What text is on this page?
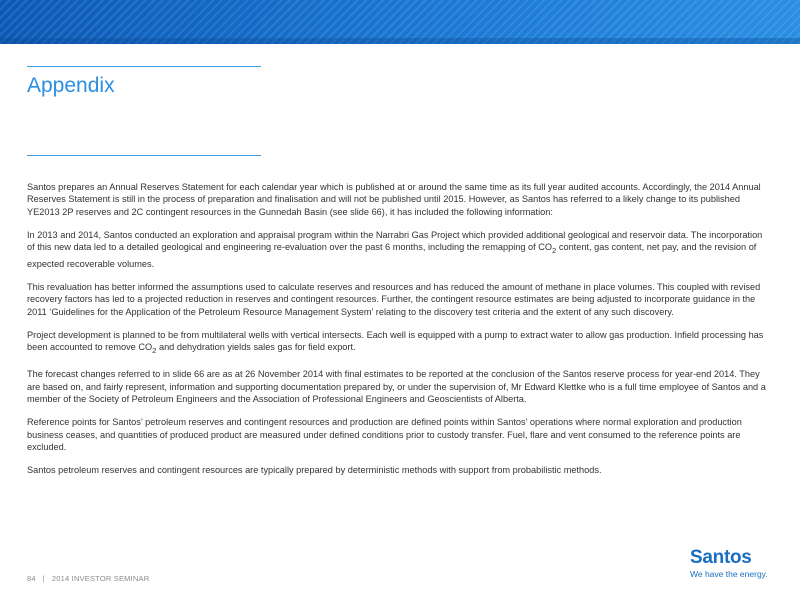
Appendix

Santos prepares an Annual Reserves Statement for each calendar year which is published at or around the same time as its full year audited accounts. Accordingly, the 2014 Annual Reserves Statement is still in the process of preparation and finalisation and will not be published until 2015. However, as Santos has referred to a likely change to its published YE2013 2P reserves and 2C contingent resources in the Gunnedah Basin (see slide 66), it has included the following information:

In 2013 and 2014, Santos conducted an exploration and appraisal program within the Narrabri Gas Project which provided additional geological and reservoir data. The incorporation of this new data led to a detailed geological and engineering re-evaluation over the past 6 months, including the remapping of $CO_2$ content, gas content, net pay, and the revision of expected recoverable volumes.

This revaluation has better informed the assumptions used to calculate reserves and resources and has reduced the amount of methane in place volumes. This coupled with revised recovery factors has led to a projected reduction in reserves and contingent resources. Further, the contingent resource estimates are being adjusted to incorporate guidance in the 2011 ‘Guidelines for the Application of the Petroleum Resource Management System’ relating to the discovery test criteria and the extent of any such discovery.

Project development is planned to be from multilateral wells with vertical intersects. Each well is equipped with a pump to extract water to allow gas production. Infield processing has been accounted to remove $CO_2$ and dehydration yields sales gas for field export.

The forecast changes referred to in slide 66 are as at 26 November 2014 with final estimates to be reported at the conclusion of the Santos reserve process for year-end 2014. They are based on, and fairly represent, information and supporting documentation prepared by, or under the supervision of, Mr Edward Klettke who is a full time employee of Santos and a member of the Society of Petroleum Engineers and the Association of Professional Engineers and Geoscientists of Alberta.

Reference points for Santos’ petroleum reserves and contingent resources and production are defined points within Santos’ operations where normal exploration and production business ceases, and quantities of produced product are measured under defined conditions prior to custody transfer. Fuel, flare and vent consumed to the reference points are excluded.

Santos petroleum reserves and contingent resources are typically prepared by deterministic methods with support from probabilistic methods.

84 | 2014 INVESTOR SEMINAR
Santos
We have the energy.
